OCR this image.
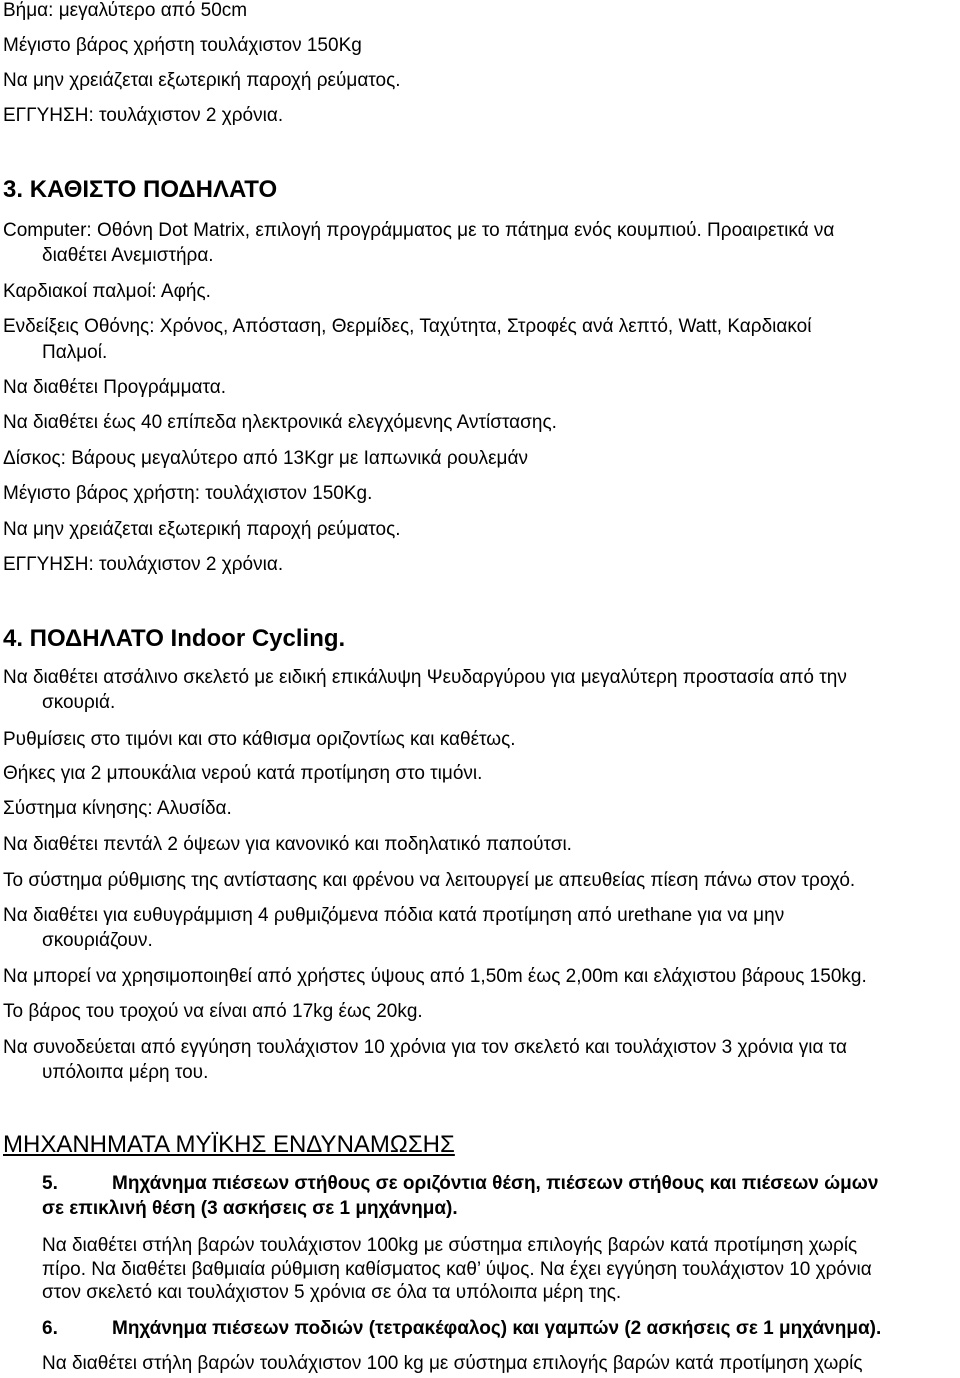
Βήμα: μεγαλύτερο από 50cm
Μέγιστο βάρος χρήστη τουλάχιστον 150Kg
Να μην χρειάζεται εξωτερική παροχή ρεύματος.
ΕΓΓΥΗΣΗ: τουλάχιστον 2 χρόνια.
3. ΚΑΘΙΣΤΟ ΠΟΔΗΛΑΤΟ
Computer: Οθόνη Dot Matrix, επιλογή προγράμματος με το πάτημα ενός κουμπιού. Προαιρετικά να
διαθέτει Ανεμιστήρα.
Καρδιακοί παλμοί: Αφής.
Ενδείξεις Οθόνης: Χρόνος, Απόσταση, Θερμίδες, Ταχύτητα, Στροφές ανά λεπτό, Watt, Καρδιακοί
Παλμοί.
Να διαθέτει Προγράμματα.
Να διαθέτει έως 40 επίπεδα ηλεκτρονικά ελεγχόμενης Αντίστασης.
Δίσκος: Βάρους μεγαλύτερο από 13Kgr με Ιαπωνικά ρουλεμάν
Μέγιστο βάρος χρήστη: τουλάχιστον 150Kg.
Να μην χρειάζεται εξωτερική παροχή ρεύματος.
ΕΓΓΥΗΣΗ: τουλάχιστον 2 χρόνια.
4. ΠΟΔΗΛΑΤΟ Indoor Cycling.
Να διαθέτει ατσάλινο σκελετό με ειδική επικάλυψη Ψευδαργύρου για μεγαλύτερη προστασία από την
σκουριά.
Ρυθμίσεις στο τιμόνι και στο κάθισμα οριζοντίως και καθέτως.
Θήκες για 2 μπουκάλια νερού κατά προτίμηση στο τιμόνι.
Σύστημα κίνησης: Αλυσίδα.
Να διαθέτει πεντάλ 2 όψεων για κανονικό και ποδηλατικό παπούτσι.
Το σύστημα ρύθμισης της αντίστασης και φρένου να λειτουργεί με απευθείας πίεση πάνω στον τροχό.
Να διαθέτει για ευθυγράμμιση 4 ρυθμιζόμενα πόδια κατά προτίμηση από urethane για να μην
σκουριάζουν.
Να μπορεί να χρησιμοποιηθεί από χρήστες ύψους από 1,50m έως 2,00m και ελάχιστου βάρους 150kg.
Το βάρος του τροχού να είναι από 17kg έως 20kg.
Να συνοδεύεται από εγγύηση τουλάχιστον 10 χρόνια για τον σκελετό και τουλάχιστον 3 χρόνια για τα
υπόλοιπα μέρη του.
ΜΗΧΑΝΗΜΑΤΑ ΜΥΪΚΗΣ ΕΝΔΥΝΑΜΩΣΗΣ
5.	Μηχάνημα πιέσεων στήθους σε οριζόντια θέση, πιέσεων στήθους και πιέσεων ώμων
σε επικλινή θέση (3 ασκήσεις σε 1 μηχάνημα).
Να διαθέτει στήλη βαρών τουλάχιστον 100kg με σύστημα επιλογής βαρών κατά προτίμηση χωρίς
πίρο. Να διαθέτει βαθμιαία ρύθμιση καθίσματος καθ’ ύψος. Να έχει εγγύηση τουλάχιστον 10 χρόνια
στον σκελετό και τουλάχιστον 5 χρόνια σε όλα τα υπόλοιπα μέρη της.
6.	Μηχάνημα πιέσεων ποδιών (τετρακέφαλος) και γαμπών (2 ασκήσεις σε 1 μηχάνημα).
Να διαθέτει στήλη βαρών τουλάχιστον 100 kg με σύστημα επιλογής βαρών κατά προτίμηση χωρίς
